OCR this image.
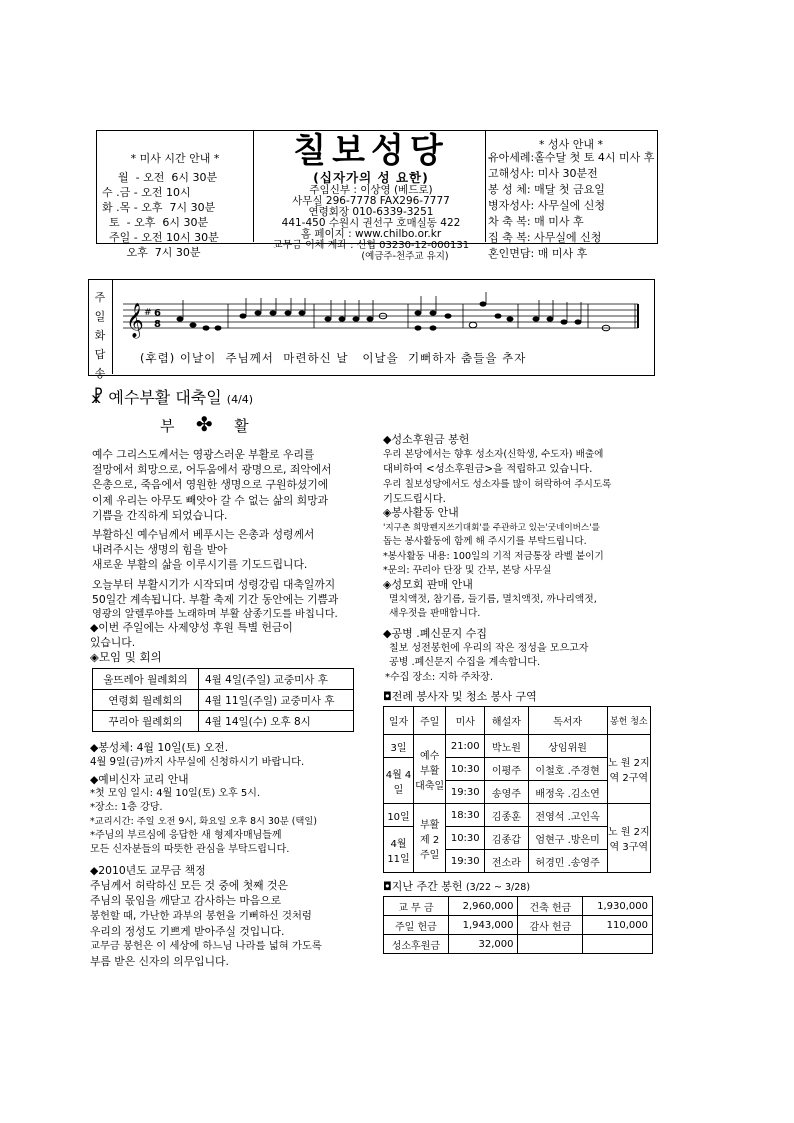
* 미사 시간 안내 *
월  - 오전  6시 30분
수 .금 - 오전 10시
화 .목 - 오후  7시 30분
토  - 오후  6시 30분
주일 - 오전 10시 30분
오후  7시 30분
칠보성당
(십자가의 성 요한)
주임신부 : 이상영 (베드로)
사무실 296-7778 FAX296-7777
연령회장 010-6339-3251
441-450 수원시 권선구 호매실동 422
홈 페이지 : www.chilbo.or.kr
교무금 이체 계좌 : 신협 03230-12-000131
(예금주-천주교 유지)
* 성사 안내 *
유아세례:홀수달 첫 토 4시 미사 후
고해성사: 미사 30분전
봉 성 체: 매달 첫 금요일
병자성사: 사무실에 신청
차 축 복: 매 미사 후
집 축 복: 사무실에 신청
혼인면담: 매 미사 후
주
일
화
답
송
𝄞 # 6
8
(후렴) 이날이  주님께서  마련하신 날   이날을  기뻐하자 춤들을 추자
☧ 예수부활 대축일 (4/4)
부 ✤ 활
예수 그리스도께서는 영광스러운 부활로 우리를
절망에서 희망으로, 어두움에서 광명으로, 죄악에서
은총으로, 죽음에서 영원한 생명으로 구원하셨기에
이제 우리는 아무도 빼앗아 갈 수 없는 삶의 희망과
기쁨을 간직하게 되었습니다.
부활하신 예수님께서 베푸시는 은총과 성령께서
내려주시는 생명의 힘을 받아
새로운 부활의 삶을 이루시기를 기도드립니다.
오늘부터 부활시기가 시작되며 성령강림 대축일까지
50일간 계속됩니다. 부활 축제 기간 동안에는 기쁨과
영광의 알렐루야를 노래하며 부활 삼종기도를 바칩니다.
◆이번 주일에는 사제양성 후원 특별 헌금이
있습니다.
◈모임 및 회의
울뜨레아 월례회의	4월 4일(주일) 교중미사 후
연령회 월례회의	4월 11일(주일) 교중미사 후
꾸리아 월례회의	4월 14일(수) 오후 8시
◆봉성체: 4월 10일(토) 오전.
4월 9일(금)까지 사무실에 신청하시기 바랍니다.
◆예비신자 교리 안내
*첫 모임 일시: 4월 10일(토) 오후 5시.
*장소: 1층 강당.
*교리시간: 주일 오전 9시, 화요일 오후 8시 30분 (택일)
*주님의 부르심에 응답한 새 형제자매님들께
모든 신자분들의 따뜻한 관심을 부탁드립니다.
◆2010년도 교무금 책정
주님께서 허락하신 모든 것 중에 첫째 것은
주님의 몫임을 깨닫고 감사하는 마음으로
봉헌할 때, 가난한 과부의 봉헌을 기뻐하신 것처럼
우리의 정성도 기쁘게 받아주실 것입니다.
교무금 봉헌은 이 세상에 하느님 나라를 넓혀 가도록
부름 받은 신자의 의무입니다.
◆성소후원금 봉헌
우리 본당에서는 향후 성소자(신학생, 수도자) 배출에
대비하여 <성소후원금>을 적립하고 있습니다.
우리 칠보성당에서도 성소자를 많이 허락하여 주시도록
기도드립시다.
◈봉사활동 안내
'지구촌 희망펜지쓰기대회'를 주관하고 있는'굿네이버스'를
돕는 봉사활동에 함께 해 주시기를 부탁드립니다.
*봉사활동 내용: 100일의 기적 저금통장 라벨 붙이기
*문의: 꾸리아 단장 및 간부, 본당 사무실
◈성모회 판매 안내
멸치액젓, 참기름, 들기름, 멸치액젓, 까나리액젓,
새우젓을 판매합니다.
◆공병 .폐신문지 수집
칠보 성전봉헌에 우리의 작은 정성을 모으고자
공병 .폐신문지 수집을 계속합니다.
*수집 장소: 지하 주차장.
◘전례 봉사자 및 청소 봉사 구역
일자	주일	미사	해설자	독서자	봉헌 청소
3일	예수 부활 대축일	21:00	박노원	상임위원	노 원 2지역 2구역
4월 4일		10:30	이평주	이철호 .주경현	
		19:30	송영주	배정욱 .김소연	
10일	부활 제 2 주일	18:30	김종훈	전영석 .고인옥	노 원 2지역 3구역
4월 11일		10:30	김종갑	엄현구 .방은미	
		19:30	전소라	허경민 .송영주	
◘지난 주간 봉헌 (3/22 ~ 3/28)
교 무 금	2,960,000	건축 헌금	1,930,000
주일 헌금	1,943,000	감사 헌금	110,000
성소후원금	32,000		
